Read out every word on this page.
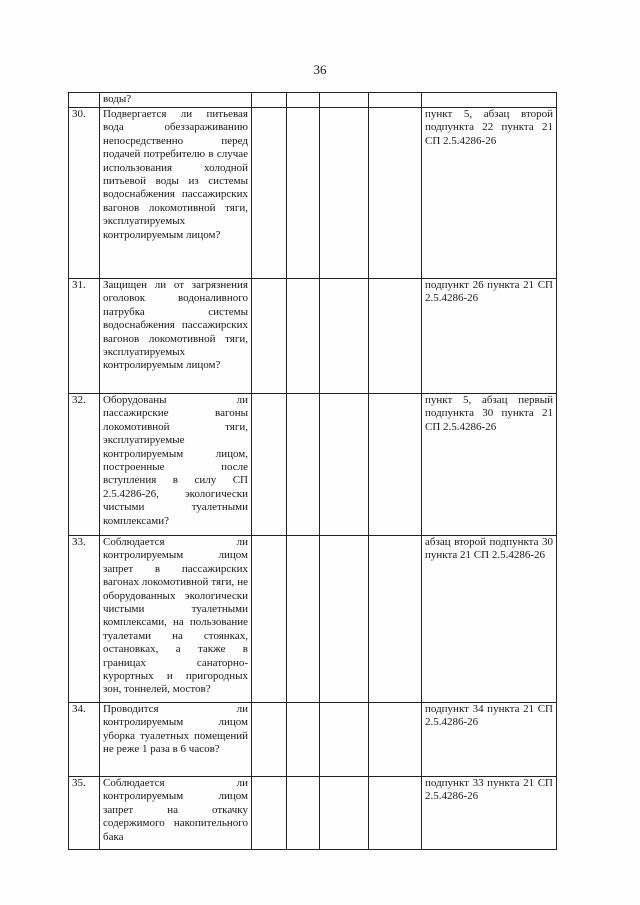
36
	воды?					
30.	Подвергается ли питьевая вода обеззараживанию непосредственно перед подачей потребителю в случае использования холодной питьевой воды из системы водоснабжения пассажирских вагонов локомотивной тяги, эксплуатируемых контролируемым лицом?					пункт 5, абзац второй подпункта 22 пункта 21 СП 2.5.4286-26
31.	Защищен ли от загрязнения оголовок водоналивного патрубка системы водоснабжения пассажирских вагонов локомотивной тяги, эксплуатируемых контролируемым лицом?					подпункт 26 пункта 21 СП 2.5.4286-26
32.	Оборудованы ли пассажирские вагоны локомотивной тяги, эксплуатируемые контролируемым лицом, построенные после вступления в силу СП 2.5.4286-26, экологически чистыми туалетными комплексами?					пункт 5, абзац первый подпункта 30 пункта 21 СП 2.5.4286-26
33.	Соблюдается ли контролируемым лицом запрет в пассажирских вагонах локомотивной тяги, не оборудованных экологически чистыми туалетными комплексами, на пользование туалетами на стоянках, остановках, а также в границах санаторно-курортных и пригородных зон, тоннелей, мостов?					абзац второй подпункта 30 пункта 21 СП 2.5.4286-26
34.	Проводится ли контролируемым лицом уборка туалетных помещений не реже 1 раза в 6 часов?					подпункт 34 пункта 21 СП 2.5.4286-26
35.	Соблюдается ли контролируемым лицом запрет на откачку содержимого накопительного бака					подпункт 33 пункта 21 СП 2.5.4286-26
